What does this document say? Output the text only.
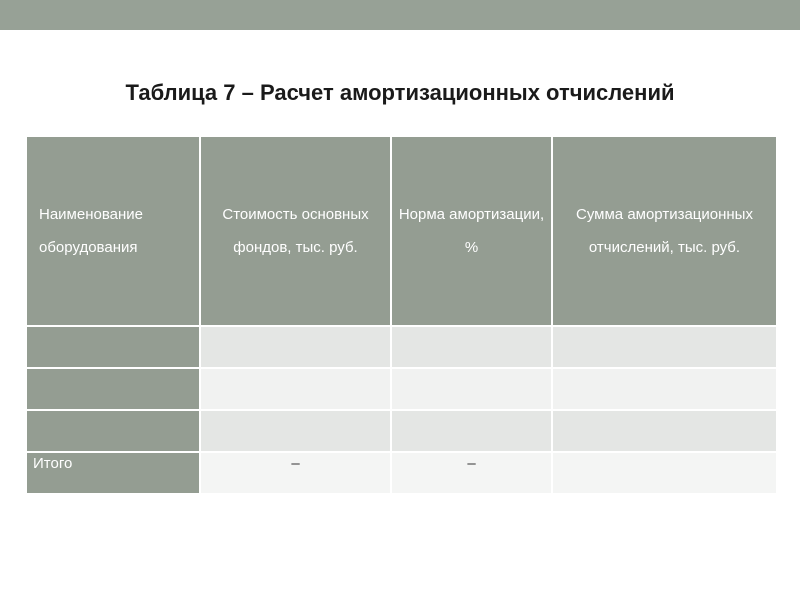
Таблица 7 – Расчет амортизационных отчислений
Наименование оборудования	Стоимость основных фондов, тыс. руб.	Норма амортизации, %	Сумма амортизационных отчислений, тыс. руб.

Итого	–	–	
